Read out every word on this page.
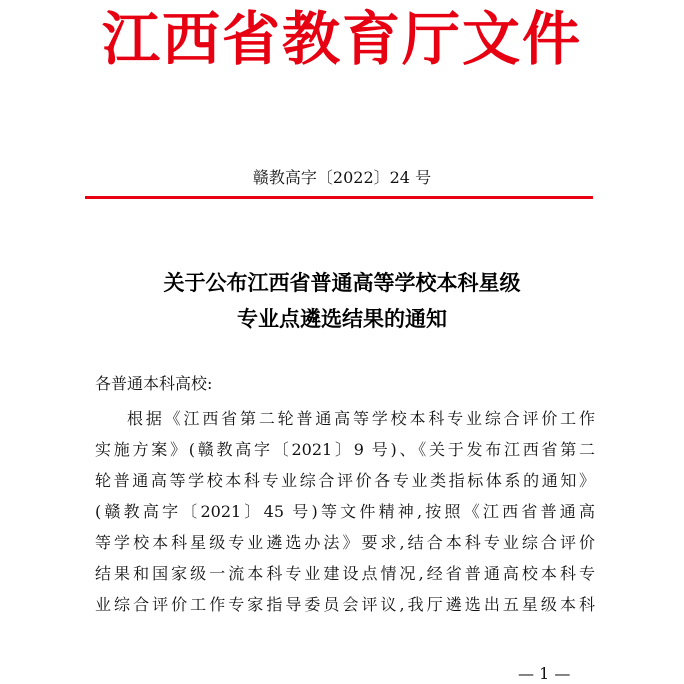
江西省教育厅文件
赣教高字〔2022〕24 号
关于公布江西省普通高等学校本科星级
专业点遴选结果的通知
各普通本科高校:
根据《江西省第二轮普通高等学校本科专业综合评价工作
实施方案》(赣教高字〔2021〕9 号)、《关于发布江西省第二
轮普通高等学校本科专业综合评价各专业类指标体系的通知》
(赣教高字〔2021〕45 号)等文件精神,按照《江西省普通高
等学校本科星级专业遴选办法》要求,结合本科专业综合评价
结果和国家级一流本科专业建设点情况,经省普通高校本科专
业综合评价工作专家指导委员会评议,我厅遴选出五星级本科
— 1 —
